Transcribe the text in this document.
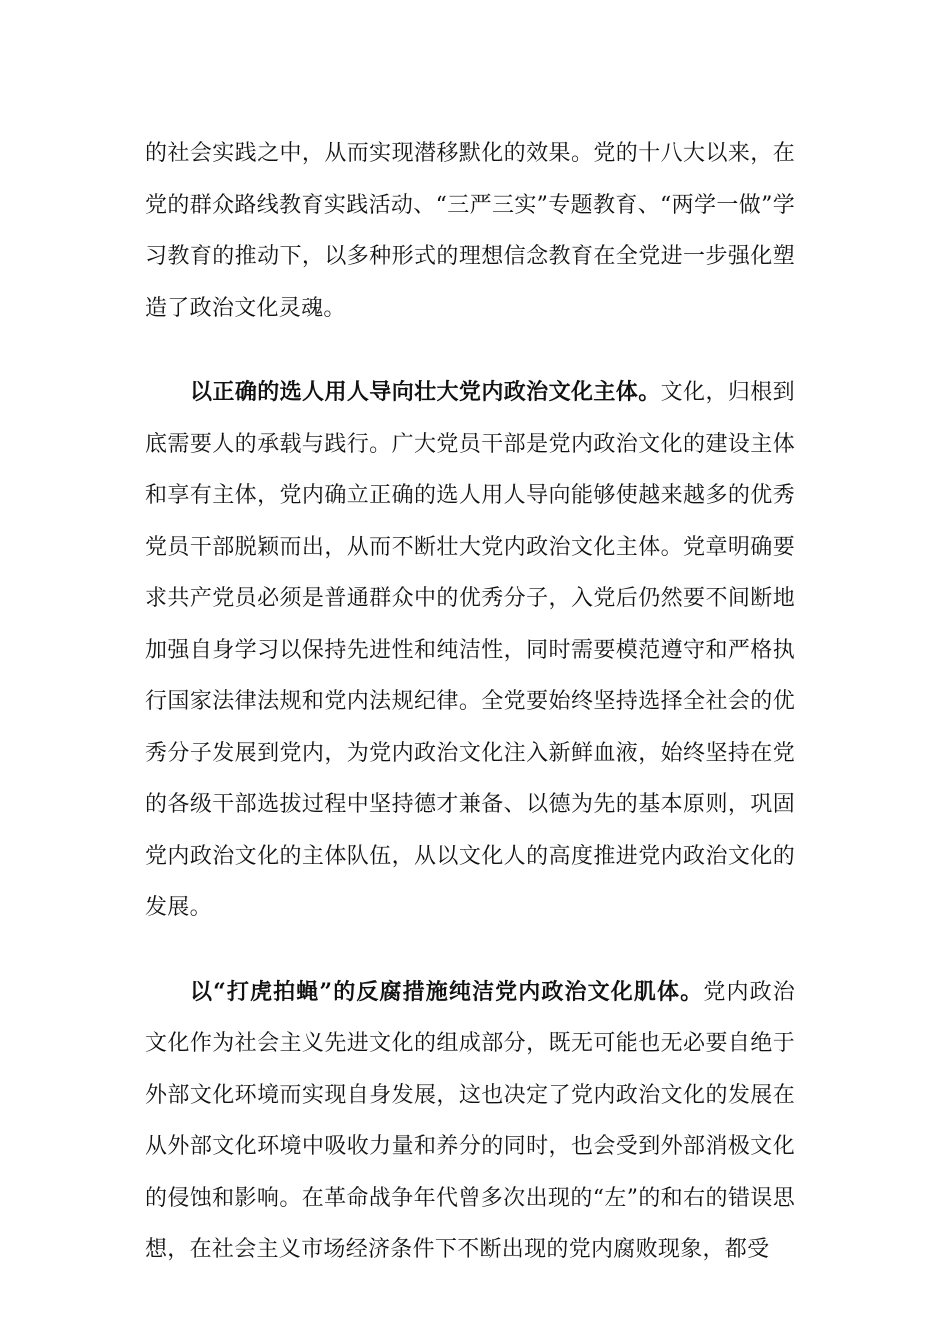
的社会实践之中，从而实现潜移默化的效果。党的十八大以来，在党的群众路线教育实践活动、“三严三实”专题教育、“两学一做”学习教育的推动下，以多种形式的理想信念教育在全党进一步强化塑造了政治文化灵魂。

以正确的选人用人导向壮大党内政治文化主体。文化，归根到底需要人的承载与践行。广大党员干部是党内政治文化的建设主体和享有主体，党内确立正确的选人用人导向能够使越来越多的优秀党员干部脱颖而出，从而不断壮大党内政治文化主体。党章明确要求共产党员必须是普通群众中的优秀分子，入党后仍然要不间断地加强自身学习以保持先进性和纯洁性，同时需要模范遵守和严格执行国家法律法规和党内法规纪律。全党要始终坚持选择全社会的优秀分子发展到党内，为党内政治文化注入新鲜血液，始终坚持在党的各级干部选拔过程中坚持德才兼备、以德为先的基本原则，巩固党内政治文化的主体队伍，从以文化人的高度推进党内政治文化的发展。

以“打虎拍蝇”的反腐措施纯洁党内政治文化肌体。党内政治文化作为社会主义先进文化的组成部分，既无可能也无必要自绝于外部文化环境而实现自身发展，这也决定了党内政治文化的发展在从外部文化环境中吸收力量和养分的同时，也会受到外部消极文化的侵蚀和影响。在革命战争年代曾多次出现的“左”的和右的错误思想，在社会主义市场经济条件下不断出现的党内腐败现象，都受
